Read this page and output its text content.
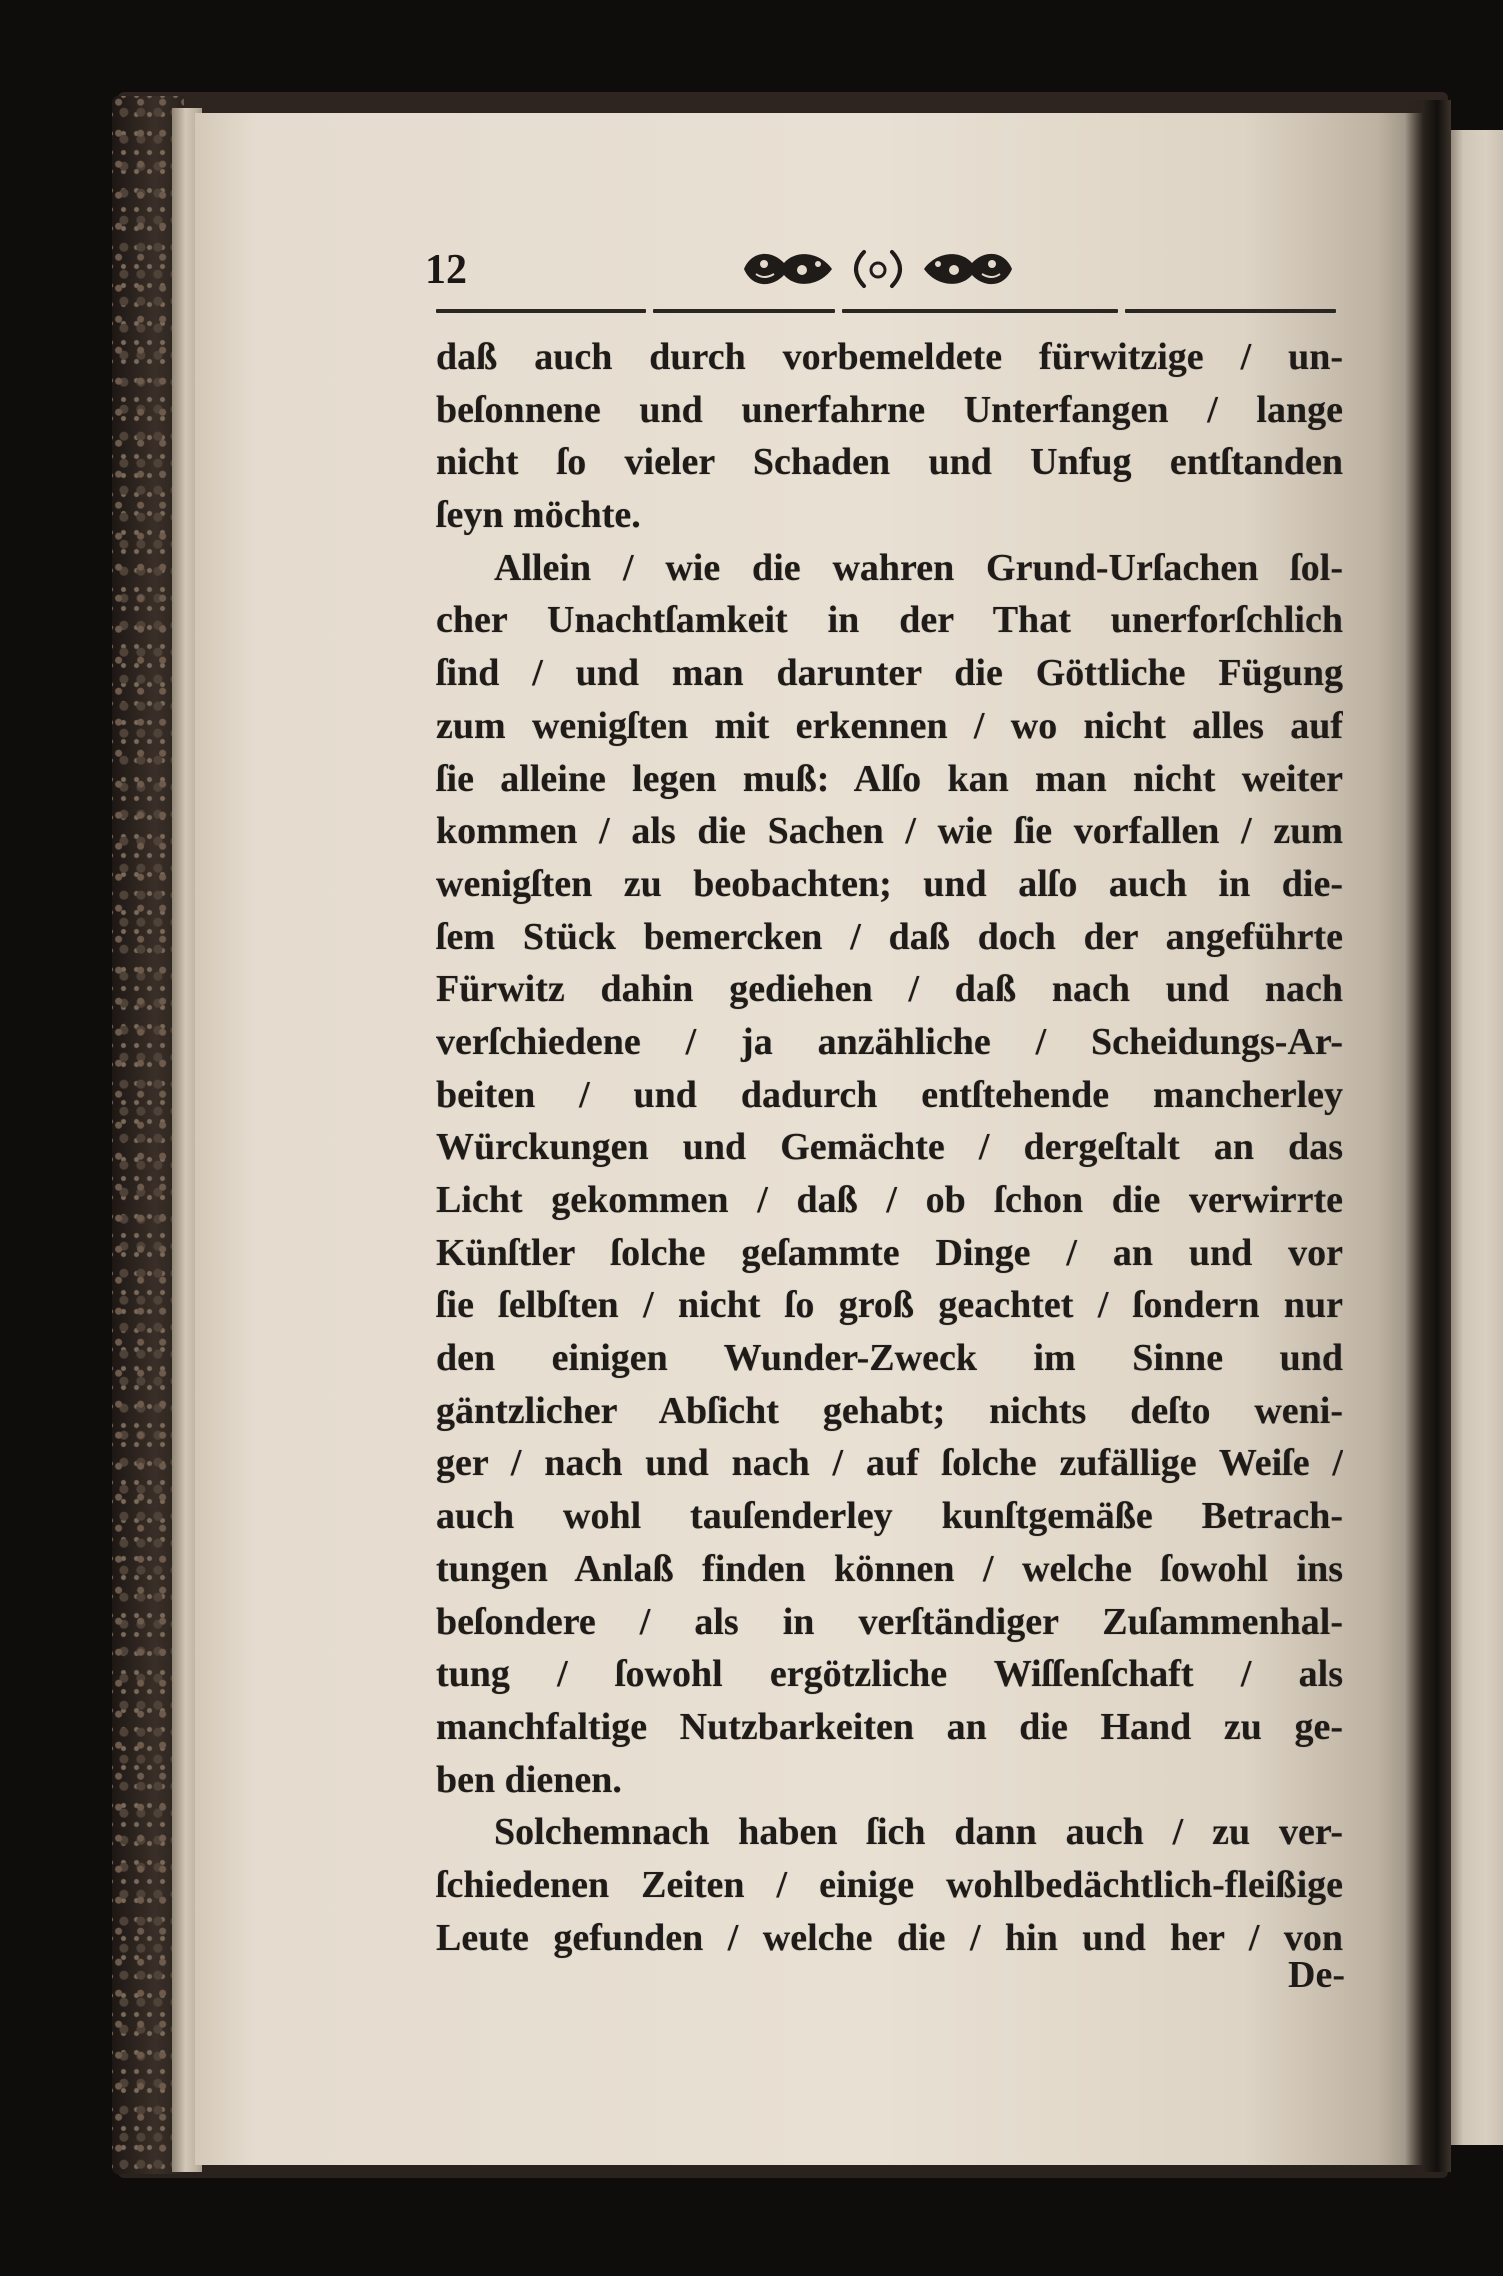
12
daß auch durch vorbemeldete fürwitzige / un-
beſonnene und unerfahrne Unterfangen / lange
nicht ſo vieler Schaden und Unfug entſtanden
ſeyn möchte.
Allein / wie die wahren Grund-Urſachen ſol-
cher Unachtſamkeit in der That unerforſchlich
ſind / und man darunter die Göttliche Fügung
zum wenigſten mit erkennen / wo nicht alles auf
ſie alleine legen muß: Alſo kan man nicht weiter
kommen / als die Sachen / wie ſie vorfallen / zum
wenigſten zu beobachten; und alſo auch in die-
ſem Stück bemercken / daß doch der angeführte
Fürwitz dahin gediehen / daß nach und nach
verſchiedene / ja anzähliche / Scheidungs-Ar-
beiten / und dadurch entſtehende mancherley
Würckungen und Gemächte / dergeſtalt an das
Licht gekommen / daß / ob ſchon die verwirrte
Künſtler ſolche geſammte Dinge / an und vor
ſie ſelbſten / nicht ſo groß geachtet / ſondern nur
den einigen Wunder-Zweck im Sinne und
gäntzlicher Abſicht gehabt; nichts deſto weni-
ger / nach und nach / auf ſolche zufällige Weiſe /
auch wohl tauſenderley kunſtgemäße Betrach-
tungen Anlaß finden können / welche ſowohl ins
beſondere / als in verſtändiger Zuſammenhal-
tung / ſowohl ergötzliche Wiſſenſchaft / als
manchfaltige Nutzbarkeiten an die Hand zu ge-
ben dienen.
Solchemnach haben ſich dann auch / zu ver-
ſchiedenen Zeiten / einige wohlbedächtlich-fleißige
Leute gefunden / welche die / hin und her / von
De-
